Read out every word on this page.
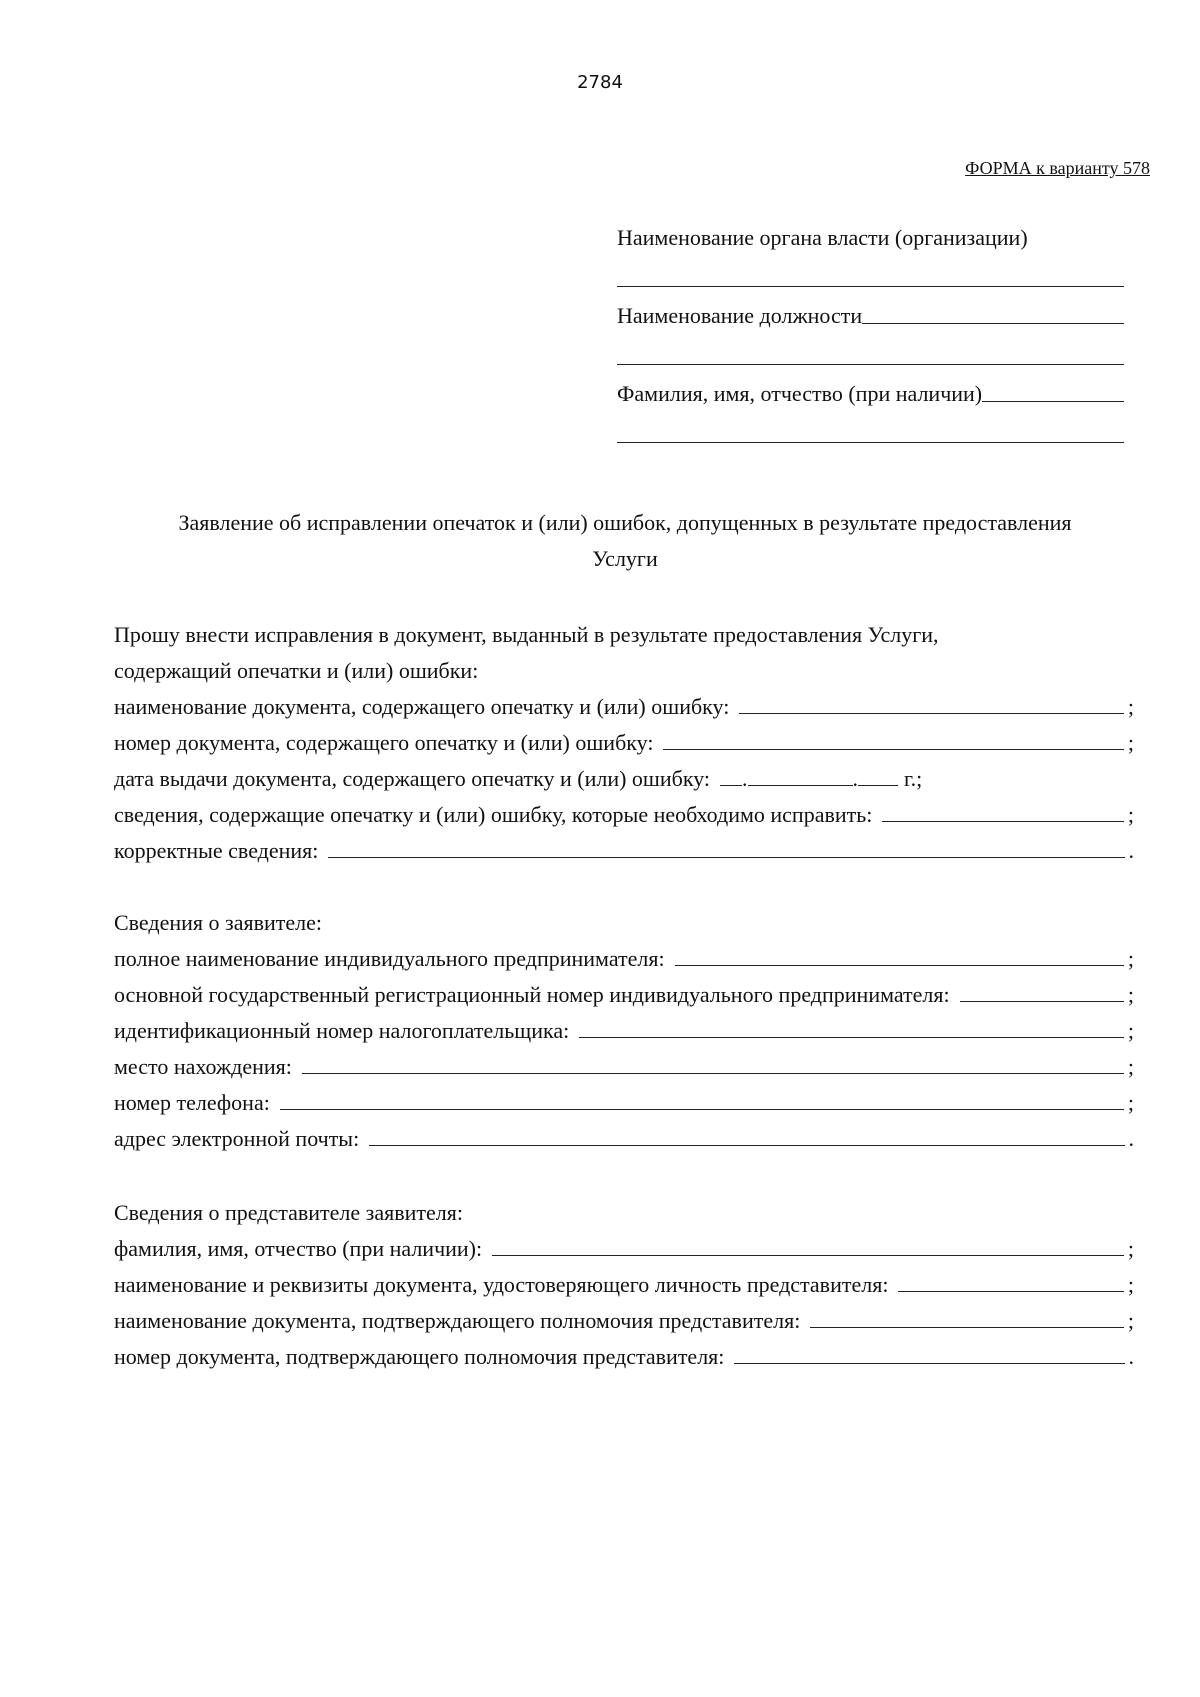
2784
ФОРМА к варианту 578
Наименование органа власти (организации)
Наименование должности
Фамилия, имя, отчество (при наличии)
Заявление об исправлении опечаток и (или) ошибок, допущенных в результате предоставления
Услуги
Прошу внести исправления в документ, выданный в результате предоставления Услуги,
содержащий опечатки и (или) ошибки:
наименование документа, содержащего опечатку и (или) ошибку:	;
номер документа, содержащего опечатку и (или) ошибку:	;
дата выдачи документа, содержащего опечатку и (или) ошибку: .	. г.;
сведения, содержащие опечатку и (или) ошибку, которые необходимо исправить:	;
корректные сведения:	.
Сведения о заявителе:
полное наименование индивидуального предпринимателя:	;
основной государственный регистрационный номер индивидуального предпринимателя:	;
идентификационный номер налогоплательщика:	;
место нахождения:	;
номер телефона:	;
адрес электронной почты:	.
Сведения о представителе заявителя:
фамилия, имя, отчество (при наличии):	;
наименование и реквизиты документа, удостоверяющего личность представителя:	;
наименование документа, подтверждающего полномочия представителя:	;
номер документа, подтверждающего полномочия представителя:	.
